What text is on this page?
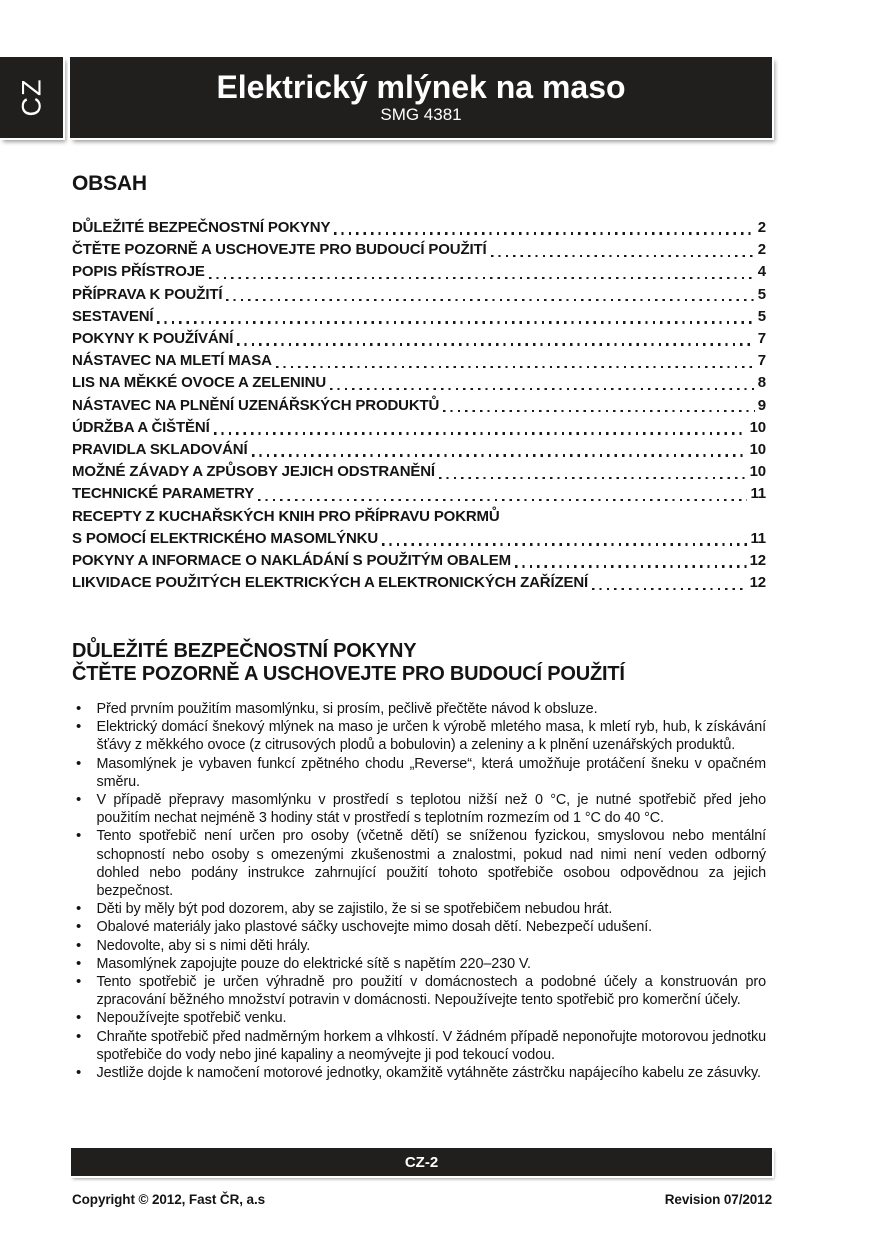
CZ	Elektrický mlýnek na maso
SMG 4381
OBSAH
DŮLEŽITÉ BEZPEČNOSTNÍ POKYNY	2
ČTĚTE POZORNĚ A USCHOVEJTE PRO BUDOUCÍ POUŽITÍ	2
POPIS PŘÍSTROJE	4
PŘÍPRAVA K POUŽITÍ	5
SESTAVENÍ	5
POKYNY K POUŽÍVÁNÍ	7
NÁSTAVEC NA MLETÍ MASA	7
LIS NA MĚKKÉ OVOCE A ZELENINU	8
NÁSTAVEC NA PLNĚNÍ UZENÁŘSKÝCH PRODUKTŮ	9
ÚDRŽBA A ČIŠTĚNÍ	10
PRAVIDLA SKLADOVÁNÍ	10
MOŽNÉ ZÁVADY A ZPŮSOBY JEJICH ODSTRANĚNÍ	10
TECHNICKÉ PARAMETRY	11
RECEPTY Z KUCHAŘSKÝCH KNIH PRO PŘÍPRAVU POKRMŮ
S POMOCÍ ELEKTRICKÉHO MASOMLÝNKU	11
POKYNY A INFORMACE O NAKLÁDÁNÍ S POUŽITÝM OBALEM	12
LIKVIDACE POUŽITÝCH ELEKTRICKÝCH A ELEKTRONICKÝCH ZAŘÍZENÍ	12
DŮLEŽITÉ BEZPEČNOSTNÍ POKYNY
ČTĚTE POZORNĚ A USCHOVEJTE PRO BUDOUCÍ POUŽITÍ
• Před prvním použitím masomlýnku, si prosím, pečlivě přečtěte návod k obsluze.
• Elektrický domácí šnekový mlýnek na maso je určen k výrobě mletého masa, k mletí ryb, hub, k získávání šťávy z měkkého ovoce (z citrusových plodů a bobulovin) a zeleniny a k plnění uzenářských produktů.
• Masomlýnek je vybaven funkcí zpětného chodu „Reverse“, která umožňuje protáčení šneku v opačném směru.
• V případě přepravy masomlýnku v prostředí s teplotou nižší než 0 °C, je nutné spotřebič před jeho použitím nechat nejméně 3 hodiny stát v prostředí s teplotním rozmezím od 1 °C do 40 °C.
• Tento spotřebič není určen pro osoby (včetně dětí) se sníženou fyzickou, smyslovou nebo mentální schopností nebo osoby s omezenými zkušenostmi a znalostmi, pokud nad nimi není veden odborný dohled nebo podány instrukce zahrnující použití tohoto spotřebiče osobou odpovědnou za jejich bezpečnost.
• Děti by měly být pod dozorem, aby se zajistilo, že si se spotřebičem nebudou hrát.
• Obalové materiály jako plastové sáčky uschovejte mimo dosah dětí. Nebezpečí udušení.
• Nedovolte, aby si s nimi děti hrály.
• Masomlýnek zapojujte pouze do elektrické sítě s napětím 220–230 V.
• Tento spotřebič je určen výhradně pro použití v domácnostech a podobné účely a konstruován pro zpracování běžného množství potravin v domácnosti. Nepoužívejte tento spotřebič pro komerční účely.
• Nepoužívejte spotřebič venku.
• Chraňte spotřebič před nadměrným horkem a vlhkostí. V žádném případě neponořujte motorovou jednotku spotřebiče do vody nebo jiné kapaliny a neomývejte ji pod tekoucí vodou.
• Jestliže dojde k namočení motorové jednotky, okamžitě vytáhněte zástrčku napájecího kabelu ze zásuvky.
CZ-2
Copyright © 2012, Fast ČR, a.s	Revision 07/2012
